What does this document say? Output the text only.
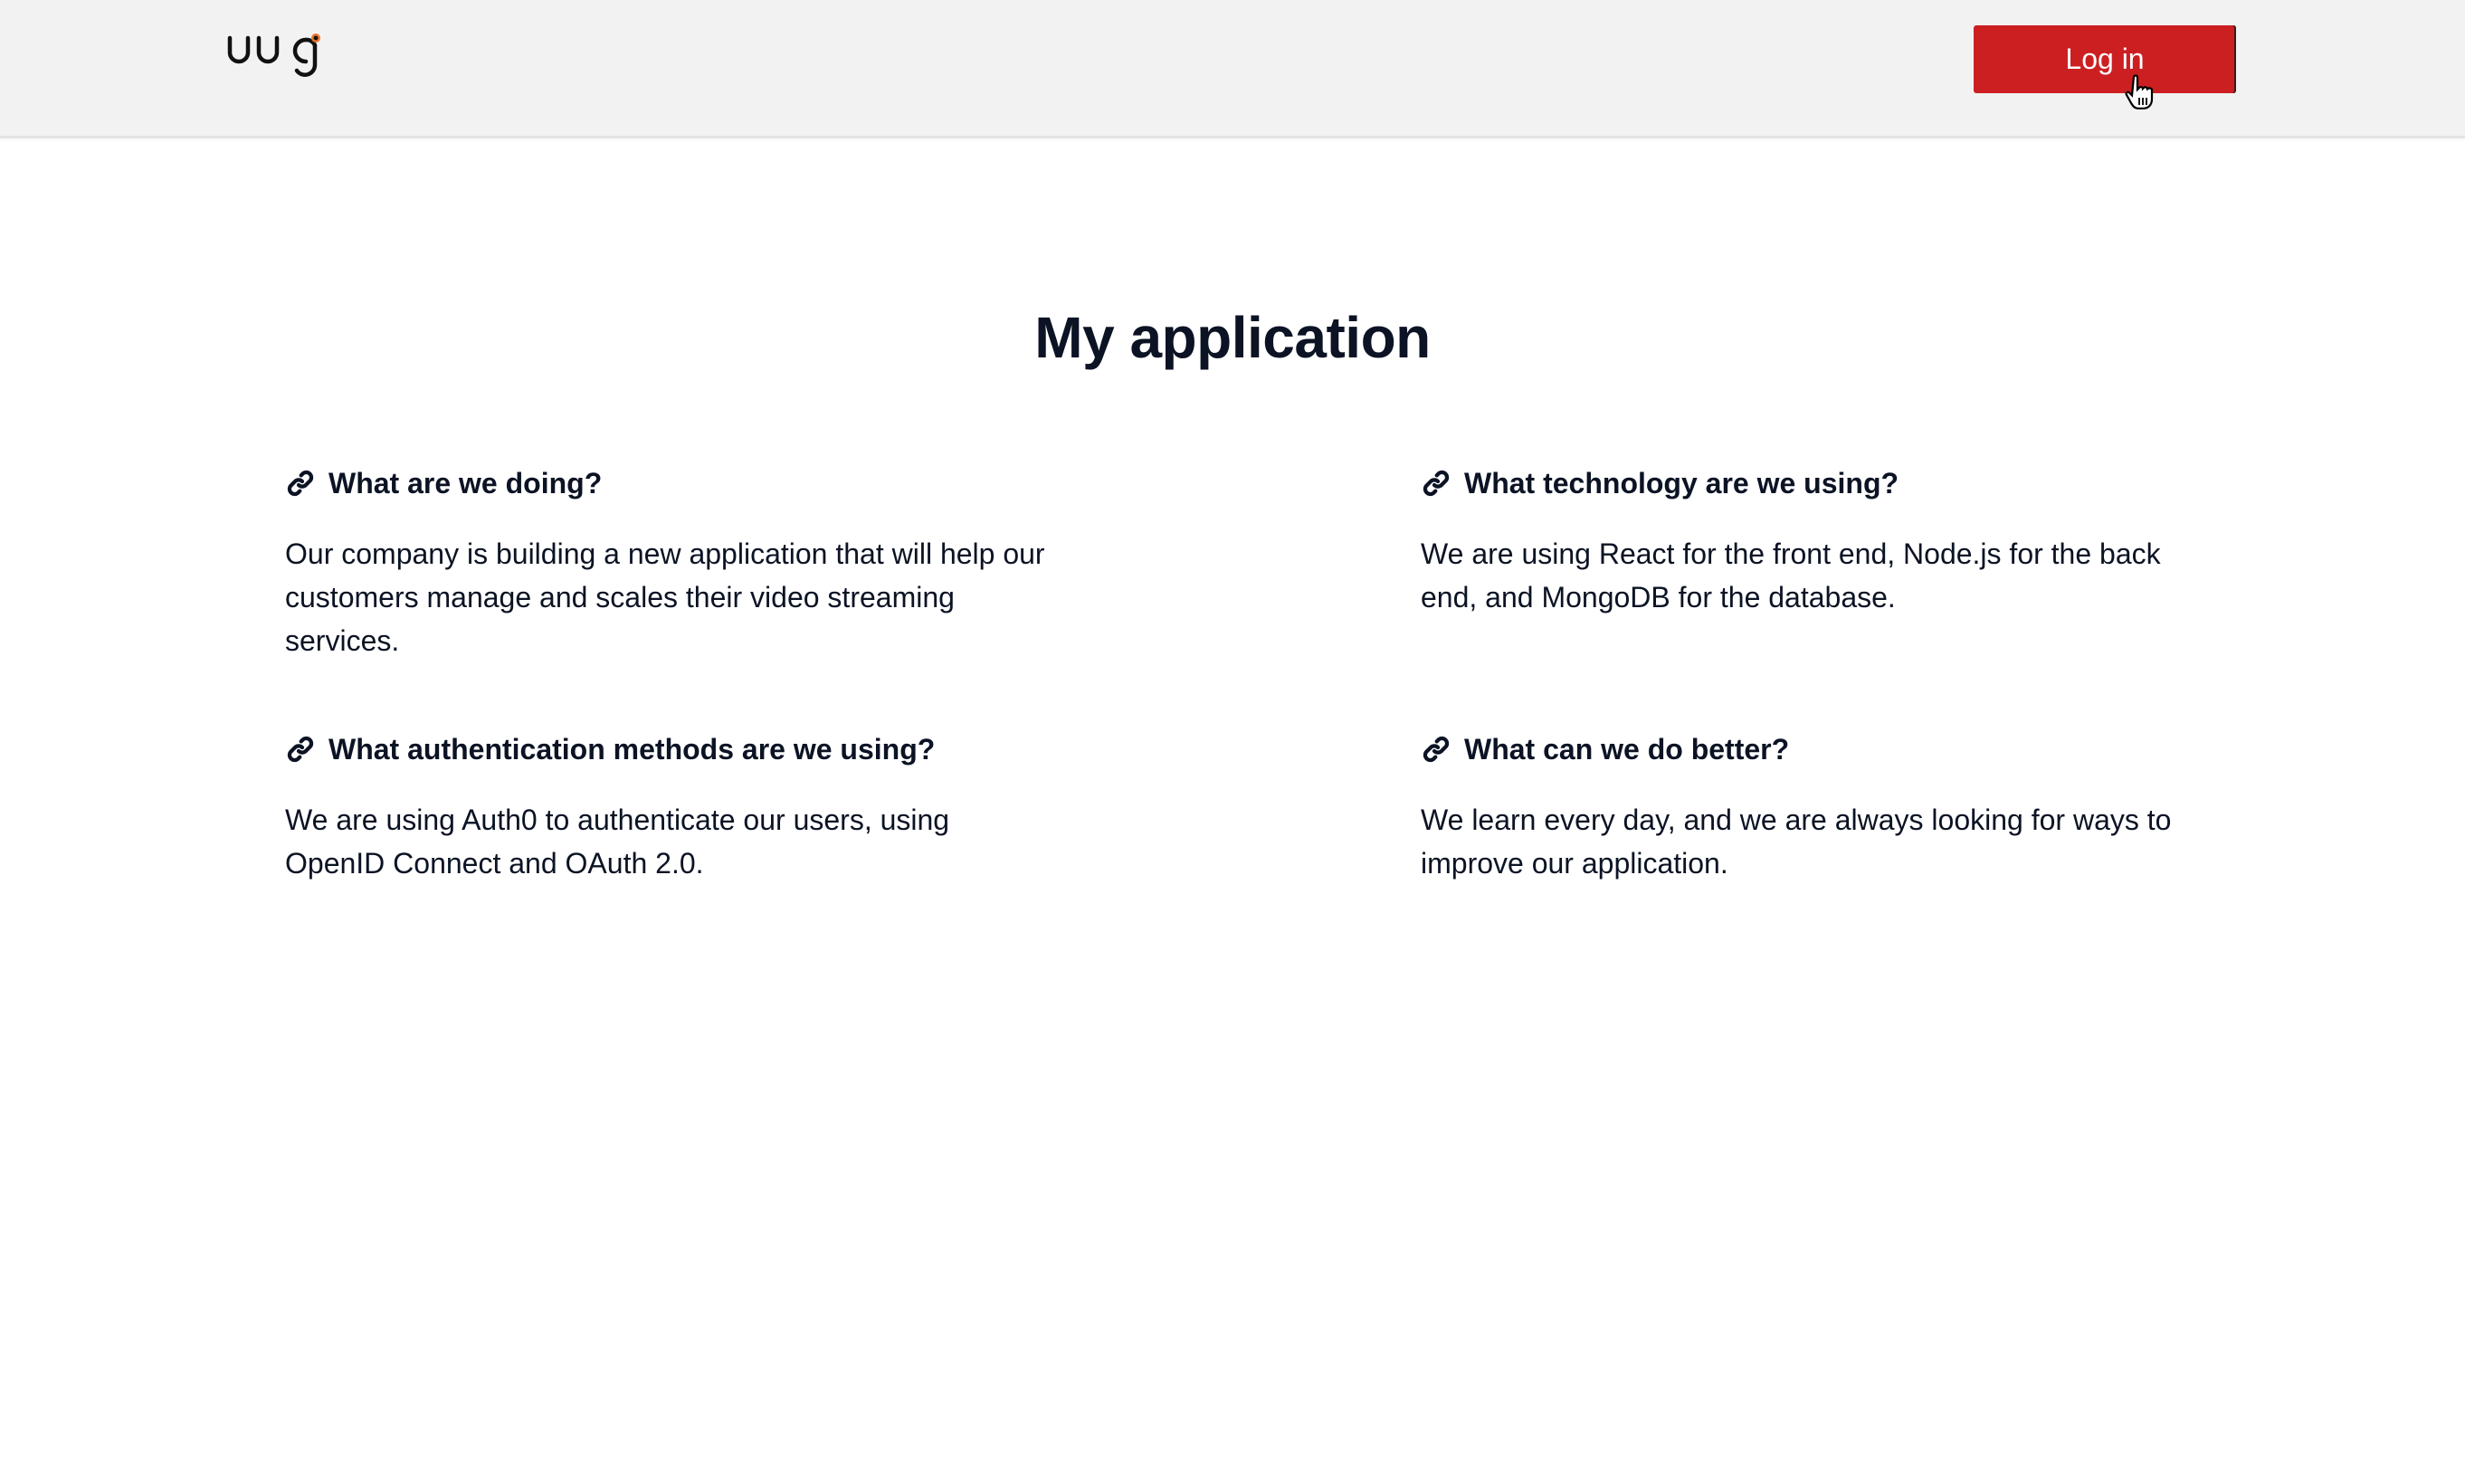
Log in
My application
What are we doing?

Our company is building a new application that will help our customers manage and scales their video streaming services.

What technology are we using?

We are using React for the front end, Node.js for the back end, and MongoDB for the database.

What authentication methods are we using?

We are using Auth0 to authenticate our users, using OpenID Connect and OAuth 2.0.

What can we do better?

We learn every day, and we are always looking for ways to improve our application.
